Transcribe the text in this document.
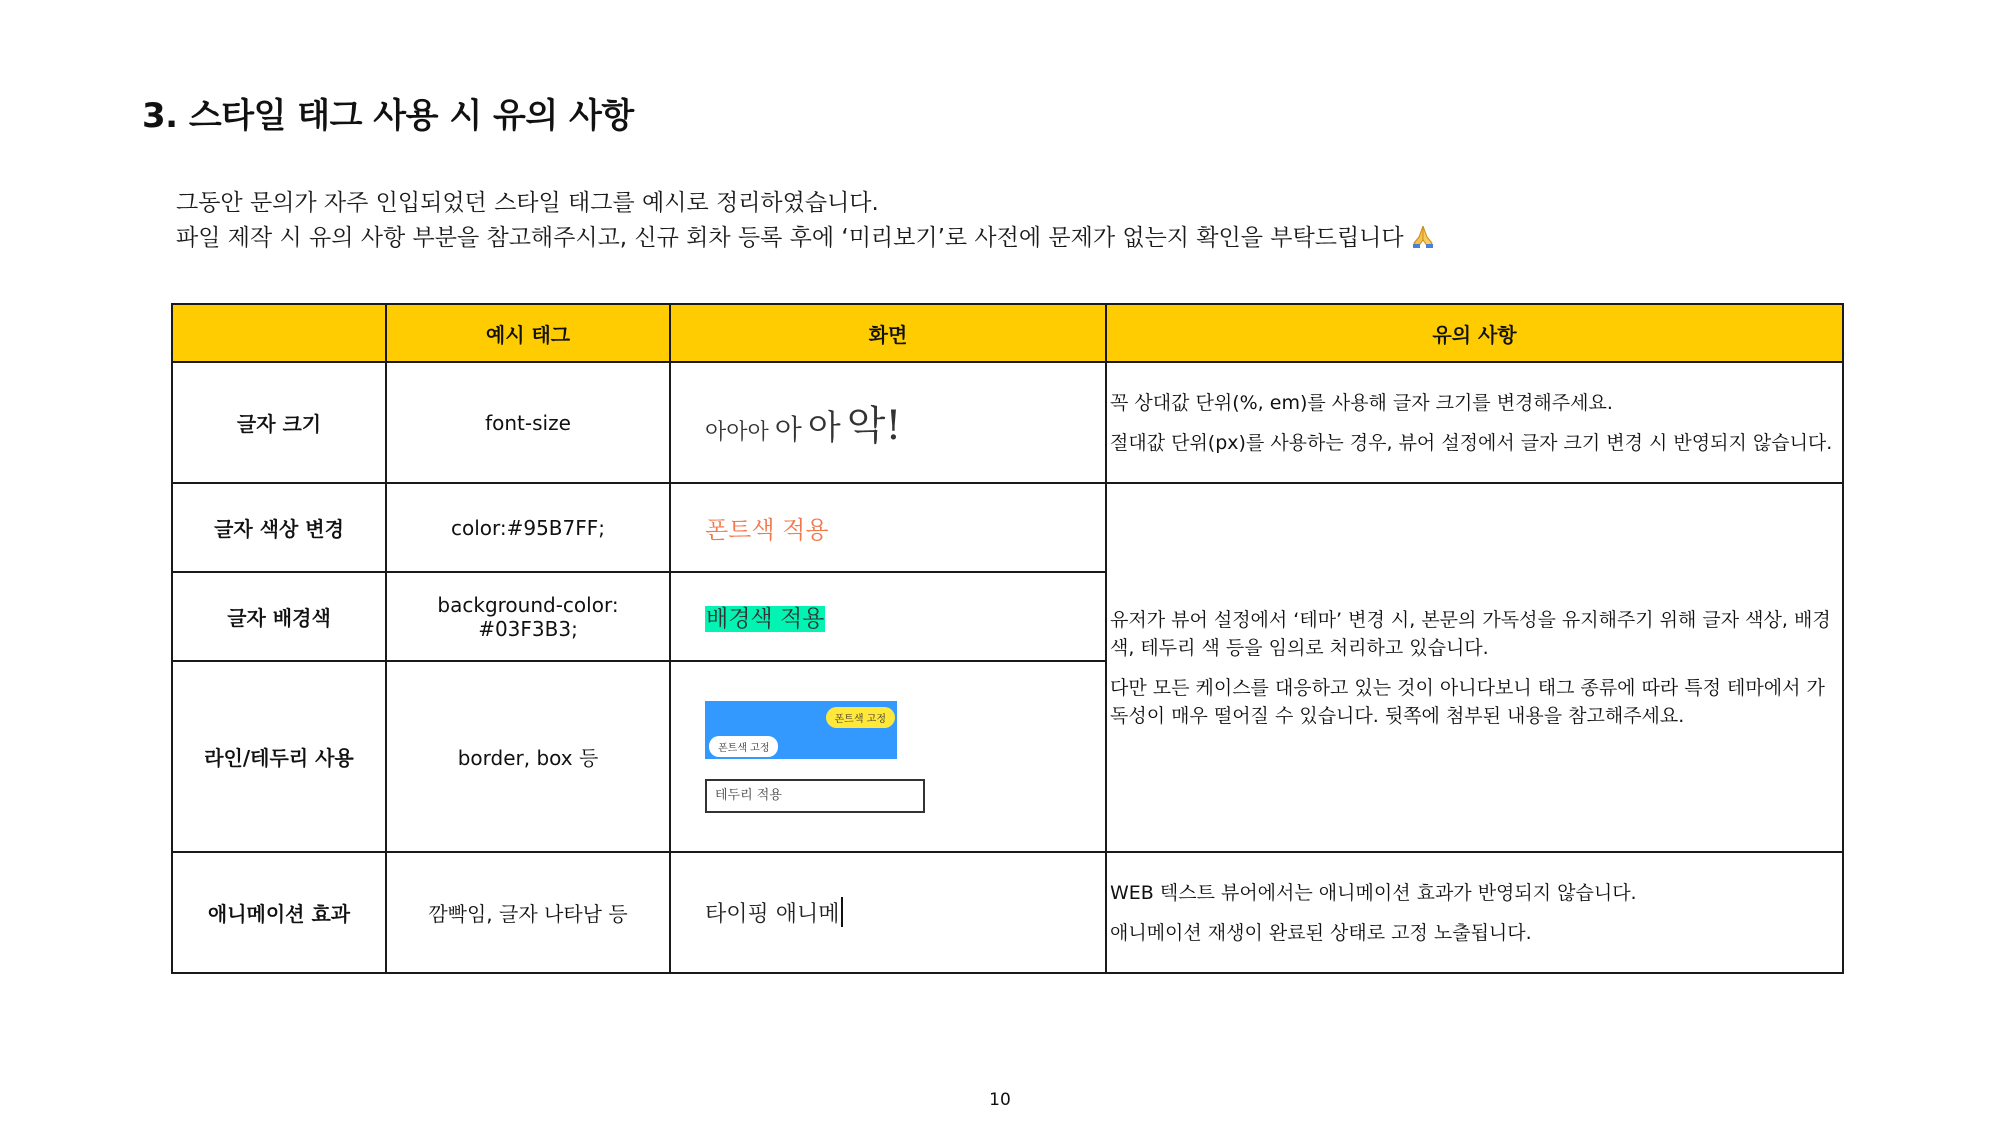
3. 스타일 태그 사용 시 유의 사항
그동안 문의가 자주 인입되었던 스타일 태그를 예시로 정리하였습니다.
파일 제작 시 유의 사항 부분을 참고해주시고, 신규 회차 등록 후에 ‘미리보기’로 사전에 문제가 없는지 확인을 부탁드립니다
	예시 태그	화면	유의 사항
글자 크기	font-size	아아아 아 아 악!	꼭 상대값 단위(%, em)를 사용해 글자 크기를 변경해주세요.

절대값 단위(px)를 사용하는 경우, 뷰어 설정에서 글자 크기 변경 시 반영되지 않습니다.

글자 색상 변경	color:#95B7FF;	폰트색 적용	유저가 뷰어 설정에서 ‘테마’ 변경 시, 본문의 가독성을 유지해주기 위해 글자 색상, 배경색, 테두리 색 등을 임의로 처리하고 있습니다.

다만 모든 케이스를 대응하고 있는 것이 아니다보니 태그 종류에 따라 특정 테마에서 가독성이 매우 떨어질 수 있습니다. 뒷쪽에 첨부된 내용을 참고해주세요.

글자 배경색	background-color: #03F3B3;	배경색 적용	
라인/테두리 사용	border, box 등	폰트색 고정
폰트색 고정
테두리 적용	

애니메이션 효과	깜빡임, 글자 나타남 등	타이핑 애니메	WEB 텍스트 뷰어에서는 애니메이션 효과가 반영되지 않습니다.

애니메이션 재생이 완료된 상태로 고정 노출됩니다.

10
